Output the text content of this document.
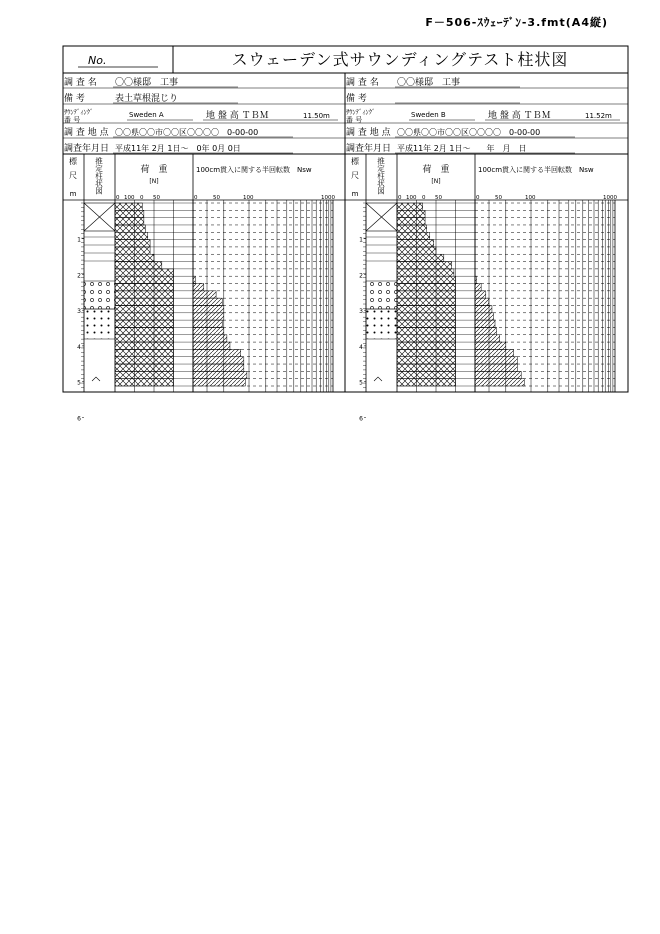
F－506-ｽｳｪｰﾃﾞﾝ-3.fmt(A4縦)
No.	スウェーデン式サウンディングテスト柱状図
調 査 名 〇〇様邸　工事
備 考	表土草根混じり
ｻｳﾝﾃﾞｨﾝｸﾞ
番 号
Sweden A	地 盤 高 ＴＢＭ	11.50m
調 査 地 点 〇〇県〇〇市〇〇区〇〇〇〇　0-00-00
調査年月日 平成11年 2月 1日～　0年 0月 0日
調 査 名 〇〇様邸　工事
備 考
ｻｳﾝﾃﾞｨﾝｸﾞ
番 号
Sweden B	地 盤 高 ＴＢＭ	11.52m
調 査 地 点 〇〇県〇〇市〇〇区〇〇〇〇　0-00-00
調査年月日 平成11年 2月 1日～　　年　月　日
標
尺
m 推定柱状図	荷　重
[N]
100cm貫入に関する半回転数　Nsw
0 100 0 50	0	50	100	1000
1
2
3
4
5
6
標
尺
m 推定柱状図	荷　重
[N]
100cm貫入に関する半回転数　Nsw
0 100 0 50	0	50	100	1000
1
2
3
4
5
6
